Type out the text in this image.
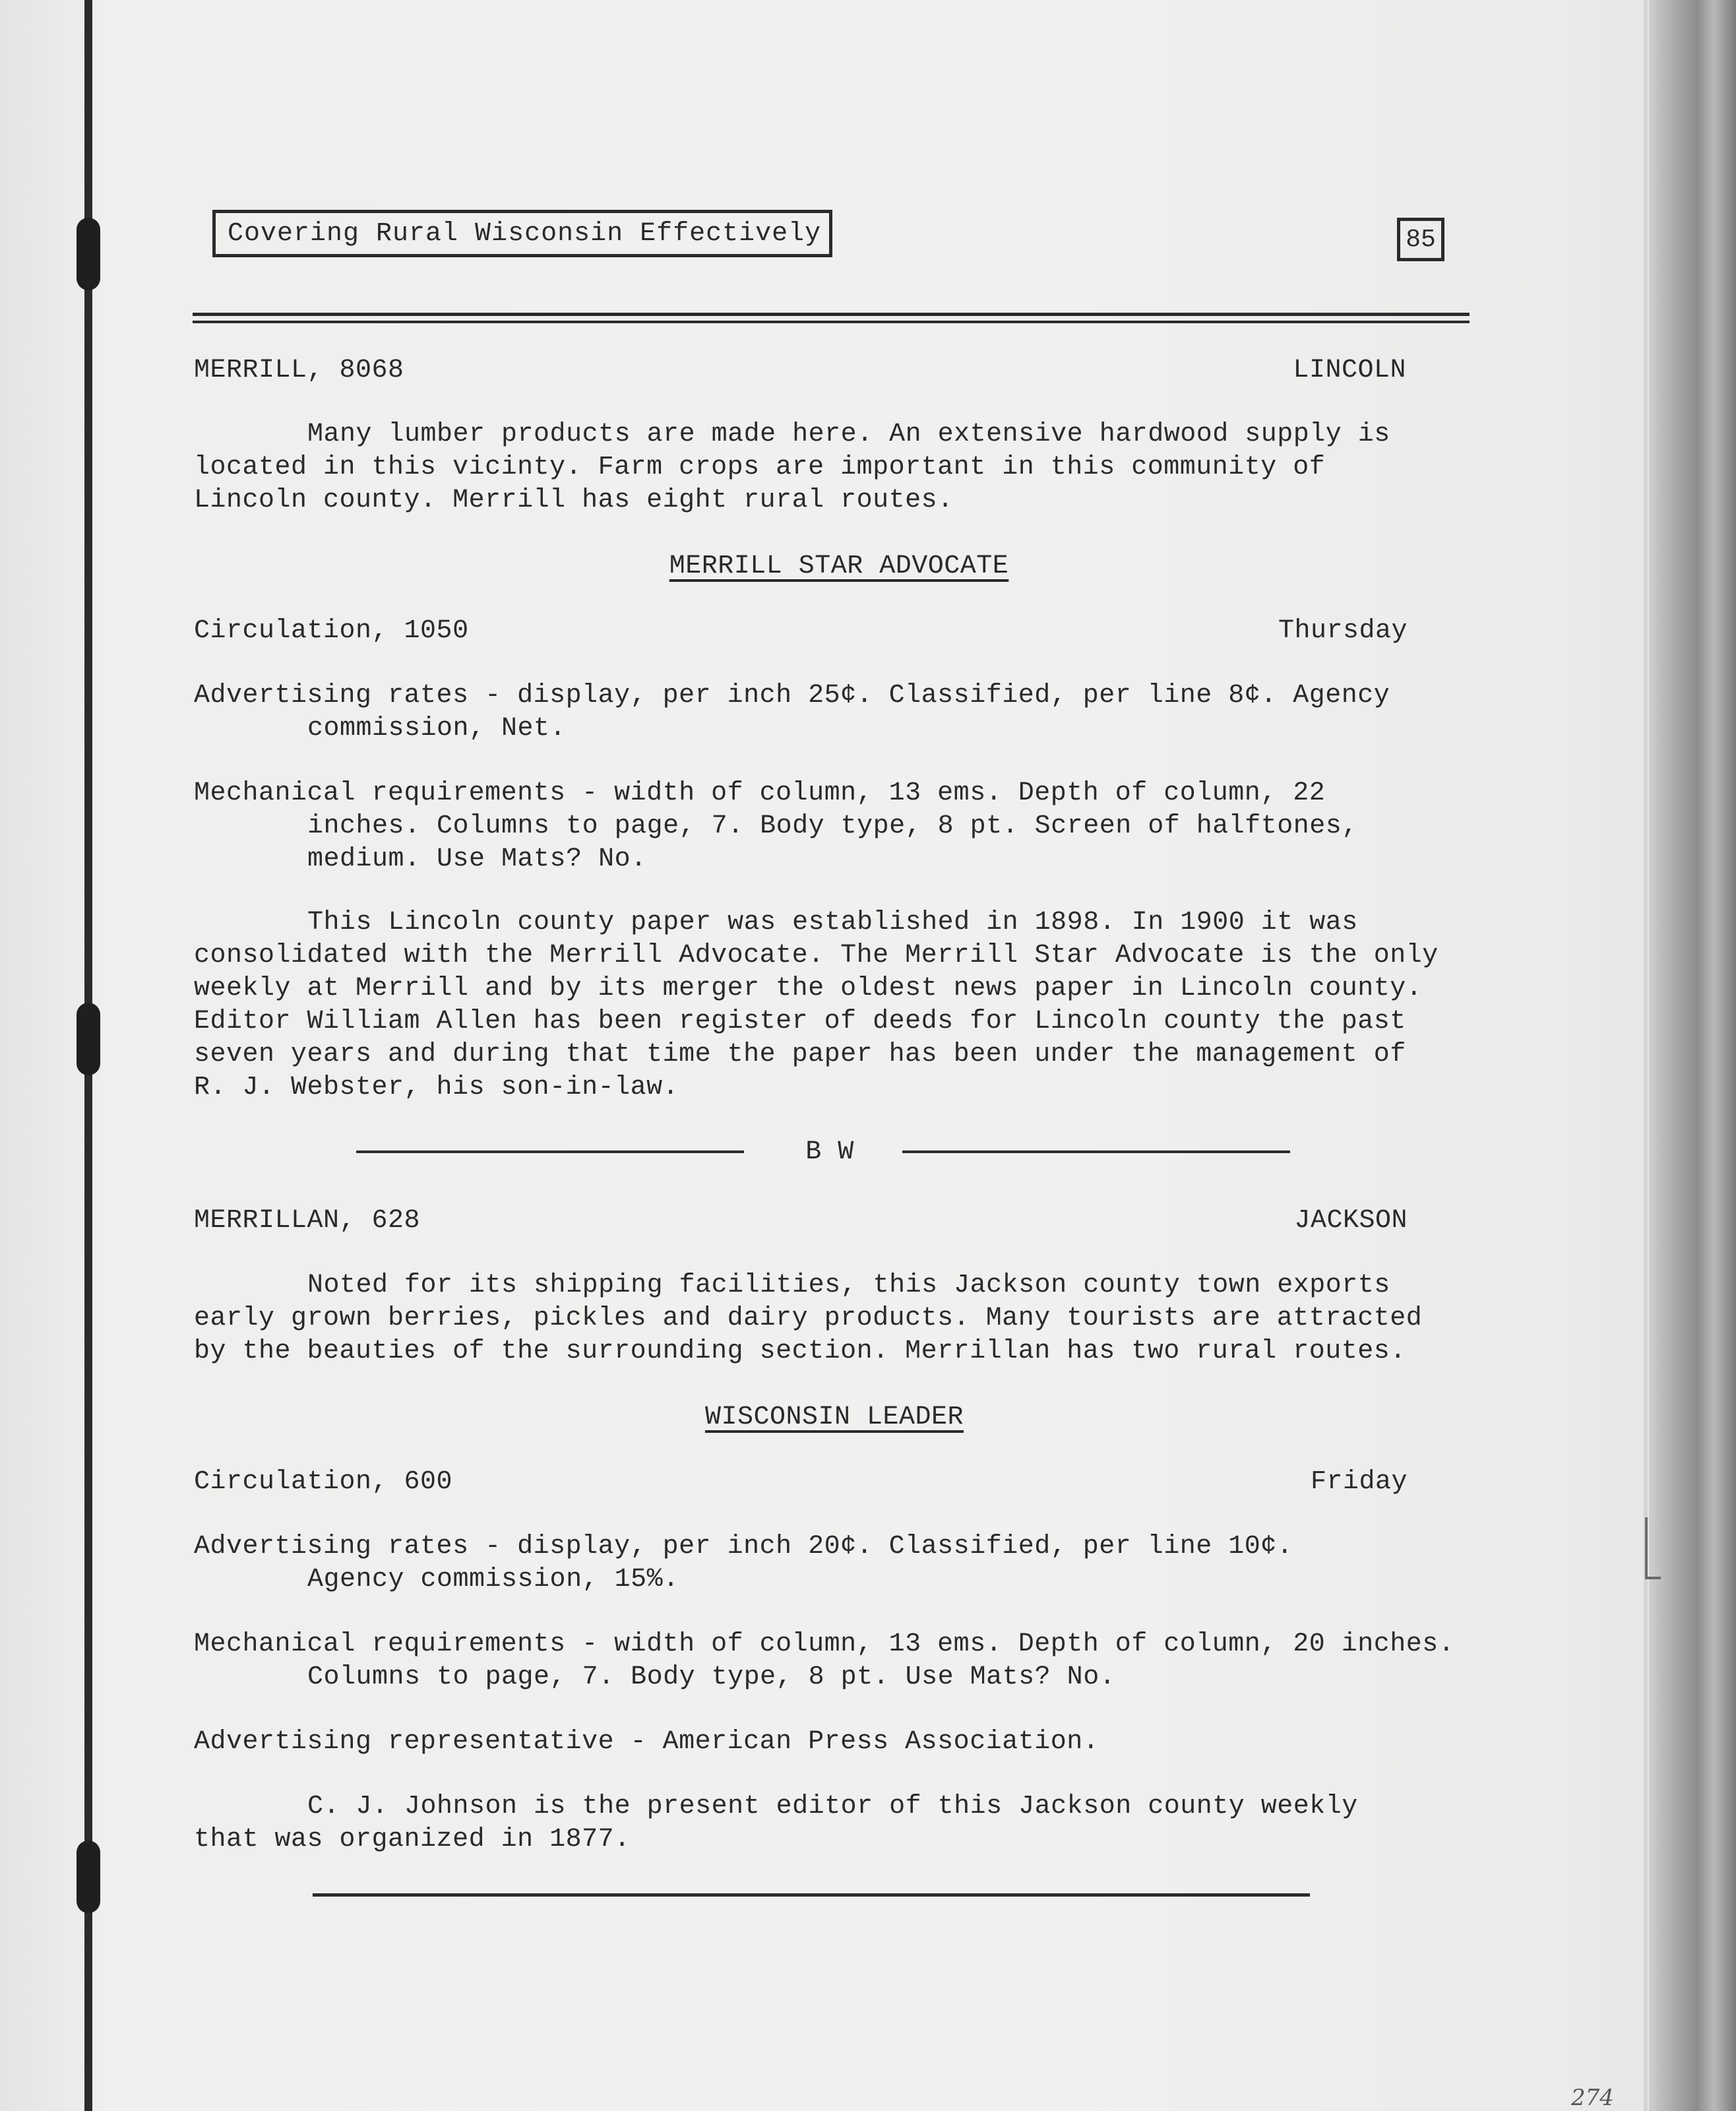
Covering Rural Wisconsin Effectively	85
MERRILL, 8068	LINCOLN
Many lumber products are made here. An extensive hardwood supply is
located in this vicinty. Farm crops are important in this community of
Lincoln county. Merrill has eight rural routes.
MERRILL STAR ADVOCATE
Circulation, 1050	Thursday
Advertising rates - display, per inch 25¢. Classified, per line 8¢. Agency
commission, Net.
Mechanical requirements - width of column, 13 ems. Depth of column, 22
inches. Columns to page, 7. Body type, 8 pt. Screen of halftones,
medium. Use Mats? No.
This Lincoln county paper was established in 1898. In 1900 it was
consolidated with the Merrill Advocate. The Merrill Star Advocate is the only
weekly at Merrill and by its merger the oldest news paper in Lincoln county.
Editor William Allen has been register of deeds for Lincoln county the past
seven years and during that time the paper has been under the management of
R. J. Webster, his son-in-law.
B W
MERRILLAN, 628	JACKSON
Noted for its shipping facilities, this Jackson county town exports
early grown berries, pickles and dairy products. Many tourists are attracted
by the beauties of the surrounding section. Merrillan has two rural routes.
WISCONSIN LEADER
Circulation, 600	Friday
Advertising rates - display, per inch 20¢. Classified, per line 10¢.
Agency commission, 15%.
Mechanical requirements - width of column, 13 ems. Depth of column, 20 inches.
Columns to page, 7. Body type, 8 pt. Use Mats? No.
Advertising representative - American Press Association.
C. J. Johnson is the present editor of this Jackson county weekly
that was organized in 1877.
274
